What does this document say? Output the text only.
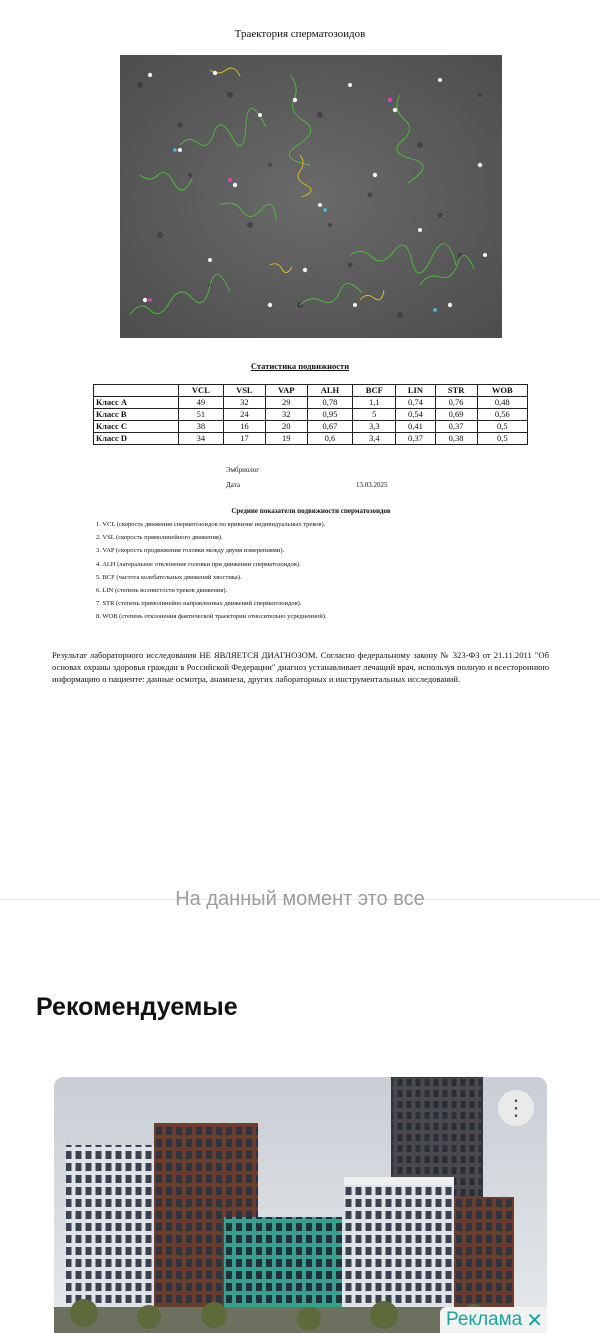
Траектория сперматозоидов
Статистика подвижности
	VCL	VSL	VAP	ALH	BCF	LIN	STR	WOB
Класс A	49	32	29	0,78	1,1	0,74	0,76	0,48
Класс B	51	24	32	0,95	5	0,54	0,69	0,56
Класс C	38	16	20	0,67	3,3	0,41	0,37	0,5
Класс D	34	17	19	0,6	3,4	0,37	0,38	0,5
Эмбриолог
Дата	13.03.2025
Средние показатели подвижности сперматозоидов
1. VCL (скорость движения сперматозоидов по кривизне индивидуальных треков).
2. VSL (скорость прямолинейного движения).
3. VAP (скорость продвижения головки между двумя измерениями).
4. ALH (латеральное отклонение головки при движении сперматозоидов).
5. BCF (частота колебательных движений хвостика).
6. LIN (степень волнистости треков движения).
7. STR (степень прямолинейно направленных движений сперматозоидов).
8. WOB (степень отклонения фактической траектории относительно усредненной).
Результат лабораторного исследования НЕ ЯВЛЯЕТСЯ ДИАГНОЗОМ. Согласно федеральному закону № 323-ФЗ от 21.11.2011 "Об основах охраны здоровья граждан в Российской Федерации" диагноз устанавливает лечащий врач, используя полную и всестороннюю информацию о пациенте: данные осмотра, анамнеза, других лабораторных и инструментальных исследований.
На данный момент это все
Рекомендуемые
⋮
Реклама ✕
